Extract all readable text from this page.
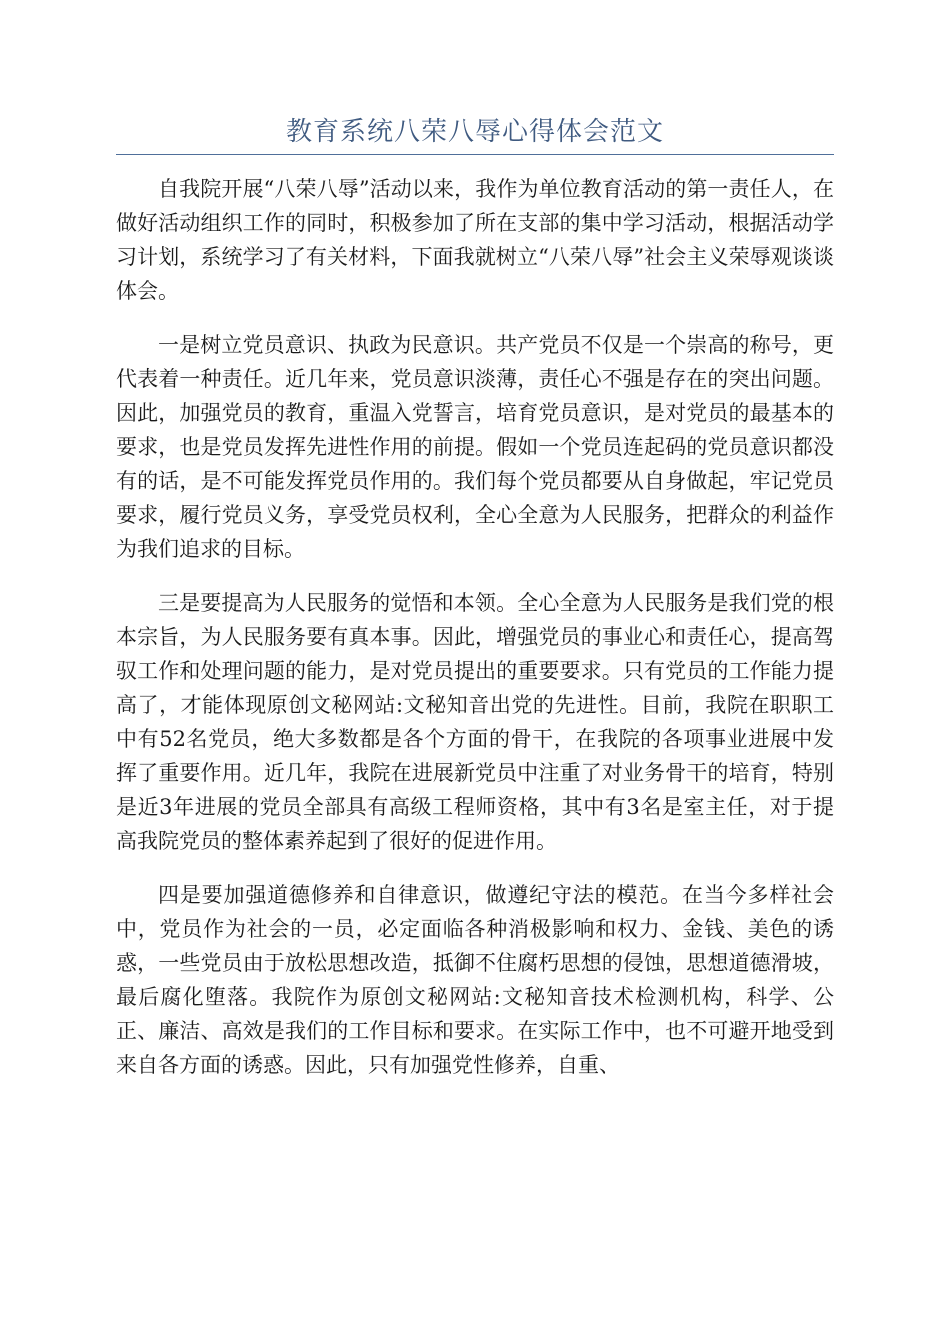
教育系统八荣八辱心得体会范文

自我院开展“八荣八辱”活动以来，我作为单位教育活动的第一责任人，在做好活动组织工作的同时，积极参加了所在支部的集中学习活动，根据活动学习计划，系统学习了有关材料，下面我就树立“八荣八辱”社会主义荣辱观谈谈体会。

一是树立党员意识、执政为民意识。共产党员不仅是一个崇高的称号，更代表着一种责任。近几年来，党员意识淡薄，责任心不强是存在的突出问题。因此，加强党员的教育，重温入党誓言，培育党员意识，是对党员的最基本的要求，也是党员发挥先进性作用的前提。假如一个党员连起码的党员意识都没有的话，是不可能发挥党员作用的。我们每个党员都要从自身做起，牢记党员要求，履行党员义务，享受党员权利，全心全意为人民服务，把群众的利益作为我们追求的目标。

三是要提高为人民服务的觉悟和本领。全心全意为人民服务是我们党的根本宗旨，为人民服务要有真本事。因此，增强党员的事业心和责任心，提高驾驭工作和处理问题的能力，是对党员提出的重要要求。只有党员的工作能力提高了，才能体现原创文秘网站:文秘知音出党的先进性。目前，我院在职职工中有52名党员，绝大多数都是各个方面的骨干，在我院的各项事业进展中发挥了重要作用。近几年，我院在进展新党员中注重了对业务骨干的培育，特别是近3年进展的党员全部具有高级工程师资格，其中有3名是室主任，对于提高我院党员的整体素养起到了很好的促进作用。

四是要加强道德修养和自律意识，做遵纪守法的模范。在当今多样社会中，党员作为社会的一员，必定面临各种消极影响和权力、金钱、美色的诱惑，一些党员由于放松思想改造，抵御不住腐朽思想的侵蚀，思想道德滑坡，最后腐化堕落。我院作为原创文秘网站:文秘知音技术检测机构，科学、公正、廉洁、高效是我们的工作目标和要求。在实际工作中，也不可避开地受到来自各方面的诱惑。因此，只有加强党性修养，自重、
